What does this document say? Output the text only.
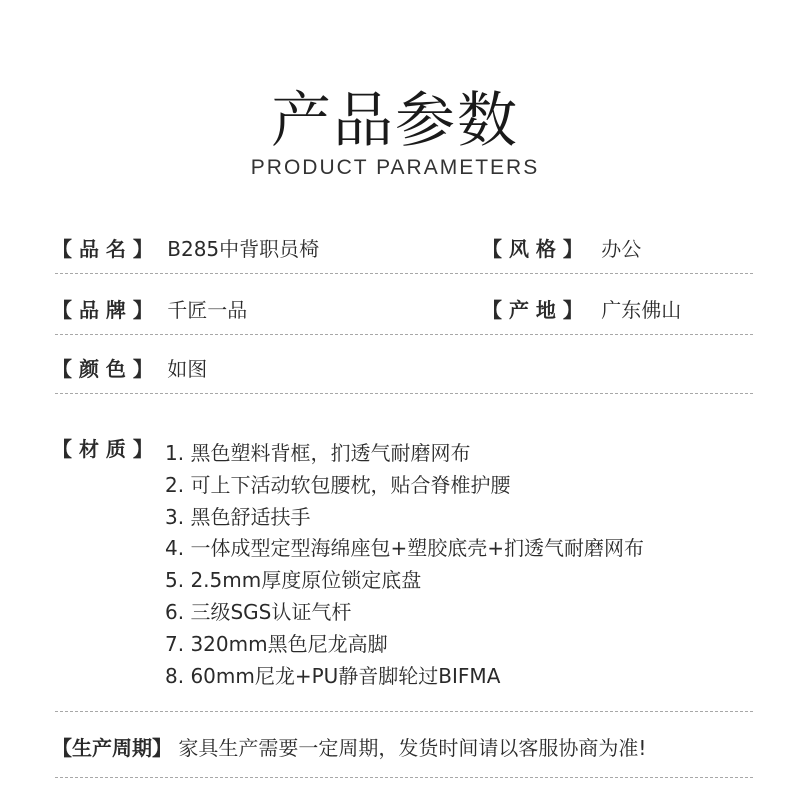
产品参数
PRODUCT PARAMETERS
【 品 名 】 B285中背职员椅	【 风 格 】 办公
【 品 牌 】 千匠一品	【 产 地 】 广东佛山
【 颜 色 】 如图
【 材 质 】 1. 黑色塑料背框，扪透气耐磨网布
2. 可上下活动软包腰枕，贴合脊椎护腰
3. 黑色舒适扶手
4. 一体成型定型海绵座包+塑胶底壳+扪透气耐磨网布
5. 2.5mm厚度原位锁定底盘
6. 三级SGS认证气杆
7. 320mm黑色尼龙高脚
8. 60mm尼龙+PU静音脚轮过BIFMA
【生产周期】 家具生产需要一定周期，发货时间请以客服协商为准!
